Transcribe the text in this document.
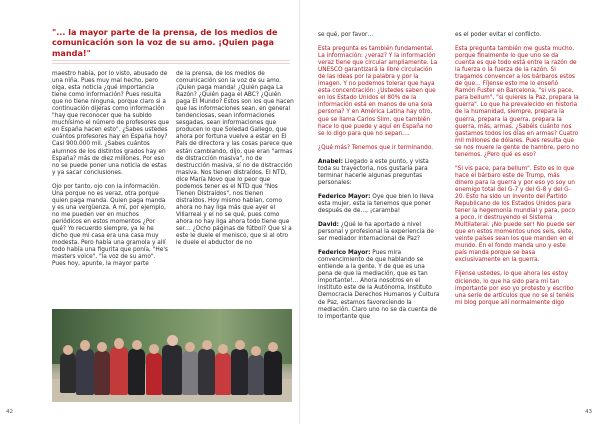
"... la mayor parte de la prensa, de los medios de comunicación son la voz de su amo. ¡Quien paga manda!"

maestro había, por lo visto, abusado de una niña. Pues muy mal hecho, pero oiga, esta noticia ¿qué importancia tiene como información? Pues resulta que no tiene ninguna, porque claro si a continuación dijeras como información "hay que reconocer que ha subido muchísimo el número de profesores que en España hacen esto". ¿Sabes ustedes cuántos profesores hay en España hoy? Casi 900.000 mil. ¿Sabes cuántos alumnos de los distintos grados hay en España? más de diez millones. Por eso no se puede poner una noticia de estas y ya sacar conclusiones.

Ojo por tanto, ojo con la información. Una porque no es veraz, otra porque quien paga manda. Quien paga manda y es una vergüenza. A mí, por ejemplo, no me pueden ver en muchos periódicos en estos momentos ¿Por qué? Yo recuerdo siempre, ya le he dicho que mi casa era una casa muy modesta. Pero había una gramola y allí todo había una figurita que ponía, "He's masters voice", "la voz de su amo". Pues hoy, apunte, la mayor parte

de la prensa, de los medios de comunicación son la voz de su amo. ¡Quien paga manda! ¿Quién paga La Razón? ¿Quién paga el ABC? ¿Quién paga El Mundo? Estos son los que hacen que las informaciones sean, en general tendenciosas, sean informaciones sesgadas, sean informaciones que producen lo que Soledad Gallego, que ahora por fortuna vuelve a estar en El País de directora y las cosas parece que están cambiando, dijo, que eran "armas de distracción masiva", no de destrucción masiva, sí no de distracción masiva. Nos tienen distraídos. El NTD, dice María Novo que lo peor que podemos tener es el NTD que "Nos Tienen Distraídos", nos tienen distraídos. Hoy mismo hablan, como ahora no hay liga más que ayer el Villarreal y el no se qué, pues como ahora no hay liga ahora todo tiene que ser… ¿Ocho páginas de fútbol? Que si a este le duele el menisco, que si al otro le duele el abductor de no

42	43

se qué, por favor…

Esta pregunta es también fundamental. La información: ¿veraz? Y la información veraz tiene que circular ampliamente. La UNESCO garantizará la libre circulación de las ideas por la palabra y por la imagen. Y no podemos tolerar que haya esta concentración: ¿Ustedes saben que en los Estado Unidos el 80% de la información está en manos de una sola persona? Y en América Latina hay otro, que se llama Carlos Slim, que también hace lo que puede y aquí en España no se lo digo para que no sepan….

¿Qué más? Tenemos que ir terminando.

Anabel: Llegado a este punto, y vista toda su trayectoria, nos gustaría para terminar hacerle algunas preguntas personales:

Federico Mayor: Oye que bien lo lleva esta mujer, esta la tenemos que poner después de de…, ¡caramba!

David: ¿Qué le ha aportado a nivel personal y profesional la experiencia de ser mediador internacional de Paz?

Federico Mayor: Pues mira convencimiento de que hablando se entiende a la gente. Y de que es una pena de que la mediación, que es tan importante!… Ahora nosotros en el instituto este de la Autónoma, Instituto Democracia Derechos Humanos y Cultura de Paz, estamos favoreciendo la mediación. Claro uno no se da cuenta de lo importante que

es el poder evitar el conflicto.

Esta pregunta también me gusta mucho, porque finalmente lo que uno se da cuenta es que todo está entre la razón de la fuerza o la fuerza de la razón. Si tragamos convencer a los bárbaros estos de que… Fíjense esto me lo enseñó Ramón Fuster en Barcelona, "si vis pace, para bellum", "si quieres la Paz, prepara la guerra". Lo que ha prevalecido en historia de la humanidad, siempre, prepara la guerra, prepara la guerra, prepara la guerra, más, armas. ¿Sabéis cuánto nos gastamos todos los días en armas? Cuatro mil millones de dólares. Pues resulta que se nos muere la gente de hambre, pero no tenemos. ¿Pero qué es eso?

"Si vis pace, para bellum". Esto es lo que hace el bárbaro este de Trump, más dinero para la guerra y por eso yo soy un enemigo total del G-7 y del G-8 y del G-20. Esto ha sido un invento del Partido Republicano de los Estados Unidos para tener la hegemonía mundial y para, poco a poco, ir destruyendo el Sistema Multilateral. ¡No puede ser! No puede ser que en estos momentos unos seis, siete, veinte países sean los que manden en el mundo. En el fondo manda uno y este país manda porque se basa exclusivamente en la guerra.

Fíjense ustedes, lo que ahora les estoy diciendo, lo que ha sido para mí tan importante por eso yo protesto y escribo una serie de artículos que no se si tenéis mi blog porque allí normalmente digo
